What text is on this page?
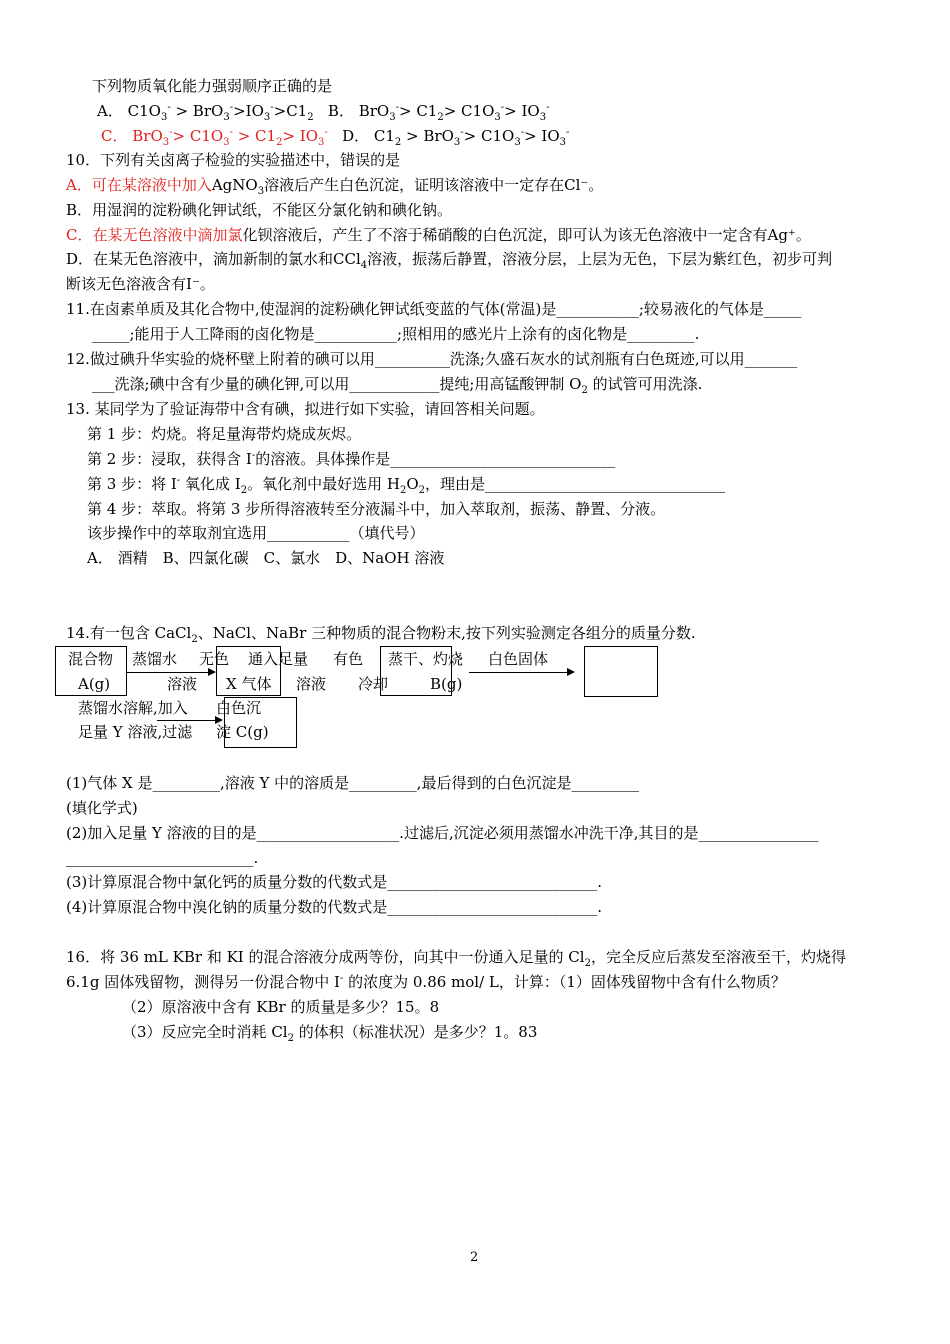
下列物质氧化能力强弱顺序正确的是
A． $C1O_3^- > BrO_3^->IO_3^->C1_2$ B． $BrO_3^-> C1_2> C1O_3^-> IO_3^-$
C． $BrO_3^-> C1O_3^- > C1_2> IO_3^-$ D． $C1_2 > BrO_3^-> C1O_3^-> IO_3^-$
10．下列有关卤离子检验的实验描述中，错误的是
A．可在某溶液中加入AgNO$_3$溶液后产生白色沉淀，证明该溶液中一定存在Cl⁻。
B．用湿润的淀粉碘化钾试纸，不能区分氯化钠和碘化钠。
C．在某无色溶液中滴加氯化钡溶液后，产生了不溶于稀硝酸的白色沉淀，即可认为该无色溶液中一定含有Ag⁺。
D．在某无色溶液中，滴加新制的氯水和CCl$_4$溶液，振荡后静置，溶液分层，上层为无色，下层为紫红色，初步可判
断该无色溶液含有I⁻。
11.在卤素单质及其化合物中,使湿润的淀粉碘化钾试纸变蓝的气体(常温)是___________;较易液化的气体是_____
_____;能用于人工降雨的卤化物是___________;照相用的感光片上涂有的卤化物是_________.
12.做过碘升华实验的烧杯壁上附着的碘可以用__________洗涤;久盛石灰水的试剂瓶有白色斑迹,可以用_______
___洗涤;碘中含有少量的碘化钾,可以用____________提纯;用高锰酸钾制 $O_2$ 的试管可用洗涤.
13. 某同学为了验证海带中含有碘，拟进行如下实验，请回答相关问题。
第 1 步：灼烧。将足量海带灼烧成灰烬。
第 2 步：浸取，获得含 I-的溶液。具体操作是______________________________
第 3 步：将 I- 氧化成 $I_2$。氧化剂中最好选用 $H_2O_2$，理由是________________________________
第 4 步：萃取。将第 3 步所得溶液转至分液漏斗中，加入萃取剂，振荡、静置、分液。
该步操作中的萃取剂宜选用___________（填代号）
A． 酒精　B、四氯化碳　C、氯水　D、NaOH 溶液
14.有一包含 CaCl$_2$、NaCl、NaBr 三种物质的混合物粉末,按下列实验测定各组分的质量分数.
混合物
A(g)
蒸馏水
溶液
无色
X 气体
通入足量
溶液
有色
冷却
蒸干、灼烧
B(g)
白色固体
蒸馏水溶解,加入
足量 Y 溶液,过滤
白色沉
淀 C(g)
(1)气体 X 是_________,溶液 Y 中的溶质是_________,最后得到的白色沉淀是_________
(填化学式)
(2)加入足量 Y 溶液的目的是___________________.过滤后,沉淀必须用蒸馏水冲洗干净,其目的是________________
_________________________.
(3)计算原混合物中氯化钙的质量分数的代数式是____________________________.
(4)计算原混合物中溴化钠的质量分数的代数式是____________________________.
16．将 36 mL KBr 和 KI 的混合溶液分成两等份，向其中一份通入足量的 $Cl_2$，完全反应后蒸发至溶液至干，灼烧得
6.1g 固体残留物，测得另一份混合物中 I- 的浓度为 0.86 mol/ L，计算：（1）固体残留物中含有什么物质？
（2）原溶液中含有 KBr 的质量是多少？15。8
（3）反应完全时消耗 $Cl_2$ 的体积（标准状况）是多少？1。83
2
